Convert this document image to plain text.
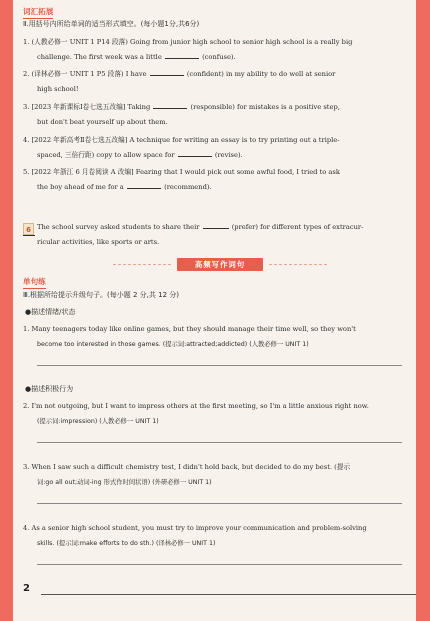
词汇拓展
Ⅱ.用括号内所给单词的适当形式填空。(每小题1分,共6分)
1. (人教必修一 UNIT 1 P14 段落) Going from junior high school to senior high school is a really big
challenge. The first week was a little	(confuse).
2. (译林必修一 UNIT 1 P5 段落) I have	(confident) in my ability to do well at senior
high school!
3. [2023 年新课标Ⅰ卷七选五改编] Taking	(responsible) for mistakes is a positive step,
but don't beat yourself up about them.
4. [2022 年新高考Ⅱ卷七选五改编] A technique for writing an essay is to try printing out a triple-
spaced, 三倍行距) copy to allow space for	(revise).
5. [2022 年浙江 6 月卷阅读 A 改编] Fearing that I would pick out some awful food, I tried to ask
the boy ahead of me for a	(recommend).
6 The school survey asked students to share their	(prefer) for different types of extracur-
ricular activities, like sports or arts.
高频写作词句
单句练
Ⅲ.根据所给提示升级句子。(每小题 2 分,共 12 分)
●描述情绪/状态
1. Many teenagers today like online games, but they should manage their time well, so they won't
become too interested in those games. (提示词:attracted;addicted) (人教必修一 UNIT 1)
●描述积极行为
2. I'm not outgoing, but I want to impress others at the first meeting, so I'm a little anxious right now.
(提示词:impression) (人教必修一 UNIT 1)
3. When I saw such a difficult chemistry test, I didn't hold back, but decided to do my best. (提示
词:go all out;动词-ing 形式作时间状语) (外研必修一 UNIT 1)
4. As a senior high school student, you must try to improve your communication and problem-solving
skills. (提示词:make efforts to do sth.) (译林必修一 UNIT 1)
2
